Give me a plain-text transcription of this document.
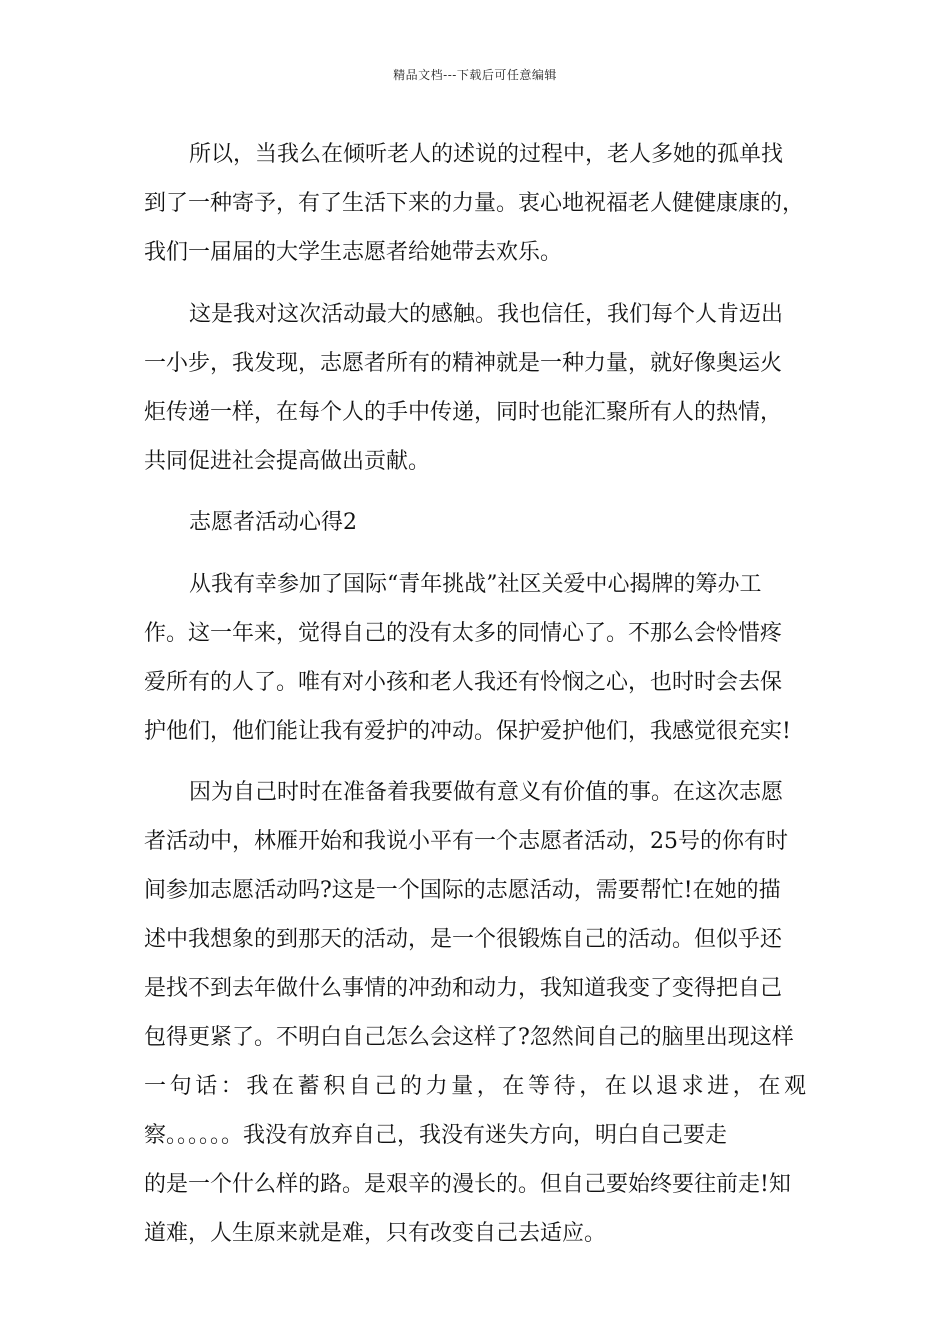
精品文档---下载后可任意编辑
所以，当我么在倾听老人的述说的过程中，老人多她的孤单找
到了一种寄予，有了生活下来的力量。衷心地祝福老人健健康康的，
我们一届届的大学生志愿者给她带去欢乐。
这是我对这次活动最大的感触。我也信任，我们每个人肯迈出
一小步，我发现，志愿者所有的精神就是一种力量，就好像奥运火
炬传递一样，在每个人的手中传递，同时也能汇聚所有人的热情，
共同促进社会提高做出贡献。
志愿者活动心得2
从我有幸参加了国际“青年挑战”社区关爱中心揭牌的筹办工
作。这一年来，觉得自己的没有太多的同情心了。不那么会怜惜疼
爱所有的人了。唯有对小孩和老人我还有怜悯之心，也时时会去保
护他们，他们能让我有爱护的冲动。保护爱护他们，我感觉很充实!
因为自己时时在准备着我要做有意义有价值的事。在这次志愿
者活动中，林雁开始和我说小平有一个志愿者活动，25号的你有时
间参加志愿活动吗?这是一个国际的志愿活动，需要帮忙!在她的描
述中我想象的到那天的活动，是一个很锻炼自己的活动。但似乎还
是找不到去年做什么事情的冲劲和动力，我知道我变了变得把自己
包得更紧了。不明白自己怎么会这样了?忽然间自己的脑里出现这样
一句话：我在蓄积自己的力量，在等待，在以退求进，在观
察。。。。。。我没有放弃自己，我没有迷失方向，明白自己要走
的是一个什么样的路。是艰辛的漫长的。但自己要始终要往前走!知
道难，人生原来就是难，只有改变自己去适应。
